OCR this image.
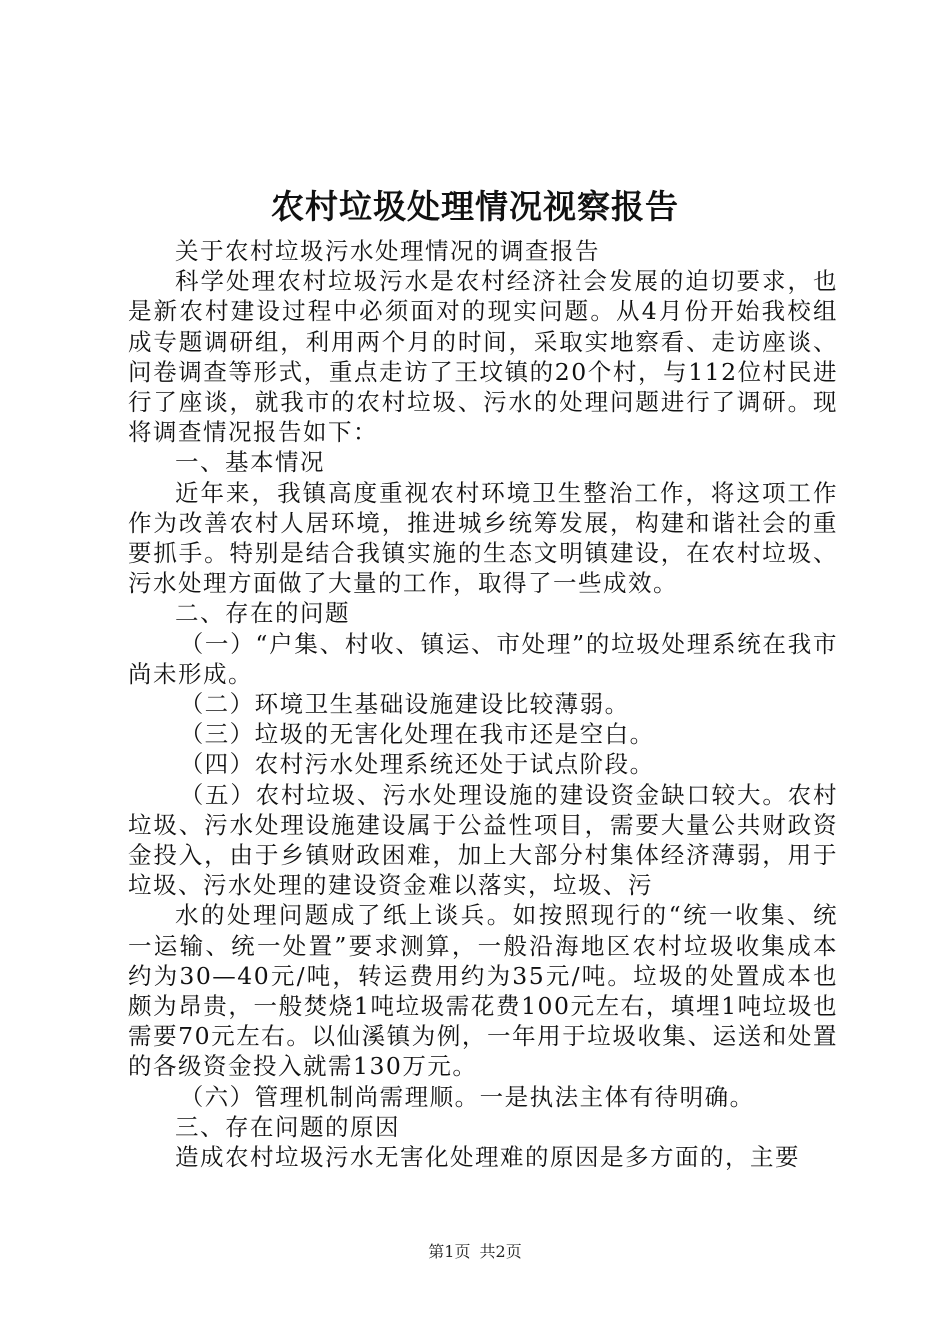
农村垃圾处理情况视察报告

关于农村垃圾污水处理情况的调查报告

科学处理农村垃圾污水是农村经济社会发展的迫切要求，也是新农村建设过程中必须面对的现实问题。从4月份开始我校组成专题调研组，利用两个月的时间，采取实地察看、走访座谈、问卷调查等形式，重点走访了王坟镇的20个村，与112位村民进行了座谈，就我市的农村垃圾、污水的处理问题进行了调研。现将调查情况报告如下：

一、基本情况

近年来，我镇高度重视农村环境卫生整治工作，将这项工作作为改善农村人居环境，推进城乡统筹发展，构建和谐社会的重要抓手。特别是结合我镇实施的生态文明镇建设，在农村垃圾、污水处理方面做了大量的工作，取得了一些成效。

二、存在的问题

（一）“户集、村收、镇运、市处理”的垃圾处理系统在我市尚未形成。

（二）环境卫生基础设施建设比较薄弱。

（三）垃圾的无害化处理在我市还是空白。

（四）农村污水处理系统还处于试点阶段。

（五）农村垃圾、污水处理设施的建设资金缺口较大。农村垃圾、污水处理设施建设属于公益性项目，需要大量公共财政资金投入，由于乡镇财政困难，加上大部分村集体经济薄弱，用于垃圾、污水处理的建设资金难以落实，垃圾、污

水的处理问题成了纸上谈兵。如按照现行的“统一收集、统一运输、统一处置”要求测算，一般沿海地区农村垃圾收集成本约为30—40元/吨，转运费用约为35元/吨。垃圾的处置成本也颇为昂贵，一般焚烧1吨垃圾需花费100元左右，填埋1吨垃圾也需要70元左右。以仙溪镇为例，一年用于垃圾收集、运送和处置的各级资金投入就需130万元。

（六）管理机制尚需理顺。一是执法主体有待明确。

三、存在问题的原因

造成农村垃圾污水无害化处理难的原因是多方面的，主要

第1页 共2页
